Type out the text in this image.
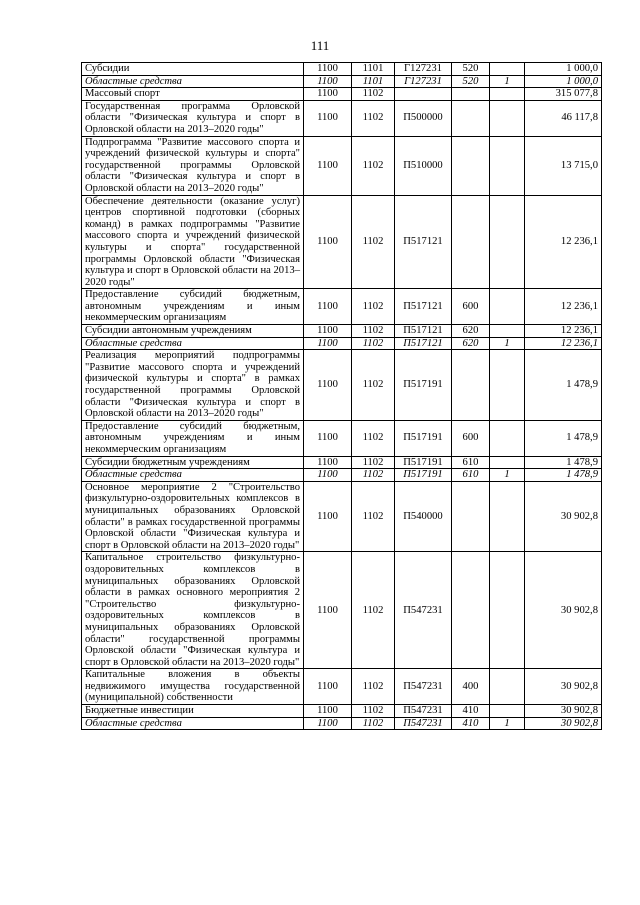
111
Субсидии	1100	1101	Г127231	520		1 000,0
Областные средства	1100	1101	Г127231	520	1	1 000,0
Массовый спорт	1100	1102				315 077,8
Государственная программа Орловской области "Физическая культура и спорт в Орловской области на 2013–2020 годы"	1100	1102	П500000			46 117,8
Подпрограмма "Развитие массового спорта и учреждений физической культуры и спорта" государственной программы Орловской области "Физическая культура и спорт в Орловской области на 2013–2020 годы"	1100	1102	П510000			13 715,0
Обеспечение деятельности (оказание услуг) центров спортивной подготовки (сборных команд) в рамках подпрограммы "Развитие массового спорта и учреждений физической культуры и спорта" государственной программы Орловской области "Физическая культура и спорт в Орловской области на 2013–2020 годы"	1100	1102	П517121			12 236,1
Предоставление субсидий бюджетным, автономным учреждениям и иным некоммерческим организациям	1100	1102	П517121	600		12 236,1
Субсидии автономным учреждениям	1100	1102	П517121	620		12 236,1
Областные средства	1100	1102	П517121	620	1	12 236,1
Реализация мероприятий подпрограммы "Развитие массового спорта и учреждений физической культуры и спорта" в рамках государственной программы Орловской области "Физическая культура и спорт в Орловской области на 2013–2020 годы"	1100	1102	П517191			1 478,9
Предоставление субсидий бюджетным, автономным учреждениям и иным некоммерческим организациям	1100	1102	П517191	600		1 478,9
Субсидии бюджетным учреждениям	1100	1102	П517191	610		1 478,9
Областные средства	1100	1102	П517191	610	1	1 478,9
Основное мероприятие 2 "Строительство физкультурно-оздоровительных комплексов в муниципальных образованиях Орловской области" в рамках государственной программы Орловской области "Физическая культура и спорт в Орловской области на 2013–2020 годы"	1100	1102	П540000			30 902,8
Капитальное строительство физкультурно-оздоровительных комплексов в муниципальных образованиях Орловской области в рамках основного мероприятия 2 "Строительство физкультурно-оздоровительных комплексов в муниципальных образованиях Орловской области" государственной программы Орловской области "Физическая культура и спорт в Орловской области на 2013–2020 годы"	1100	1102	П547231			30 902,8
Капитальные вложения в объекты недвижимого имущества государственной (муниципальной) собственности	1100	1102	П547231	400		30 902,8
Бюджетные инвестиции	1100	1102	П547231	410		30 902,8
Областные средства	1100	1102	П547231	410	1	30 902,8
